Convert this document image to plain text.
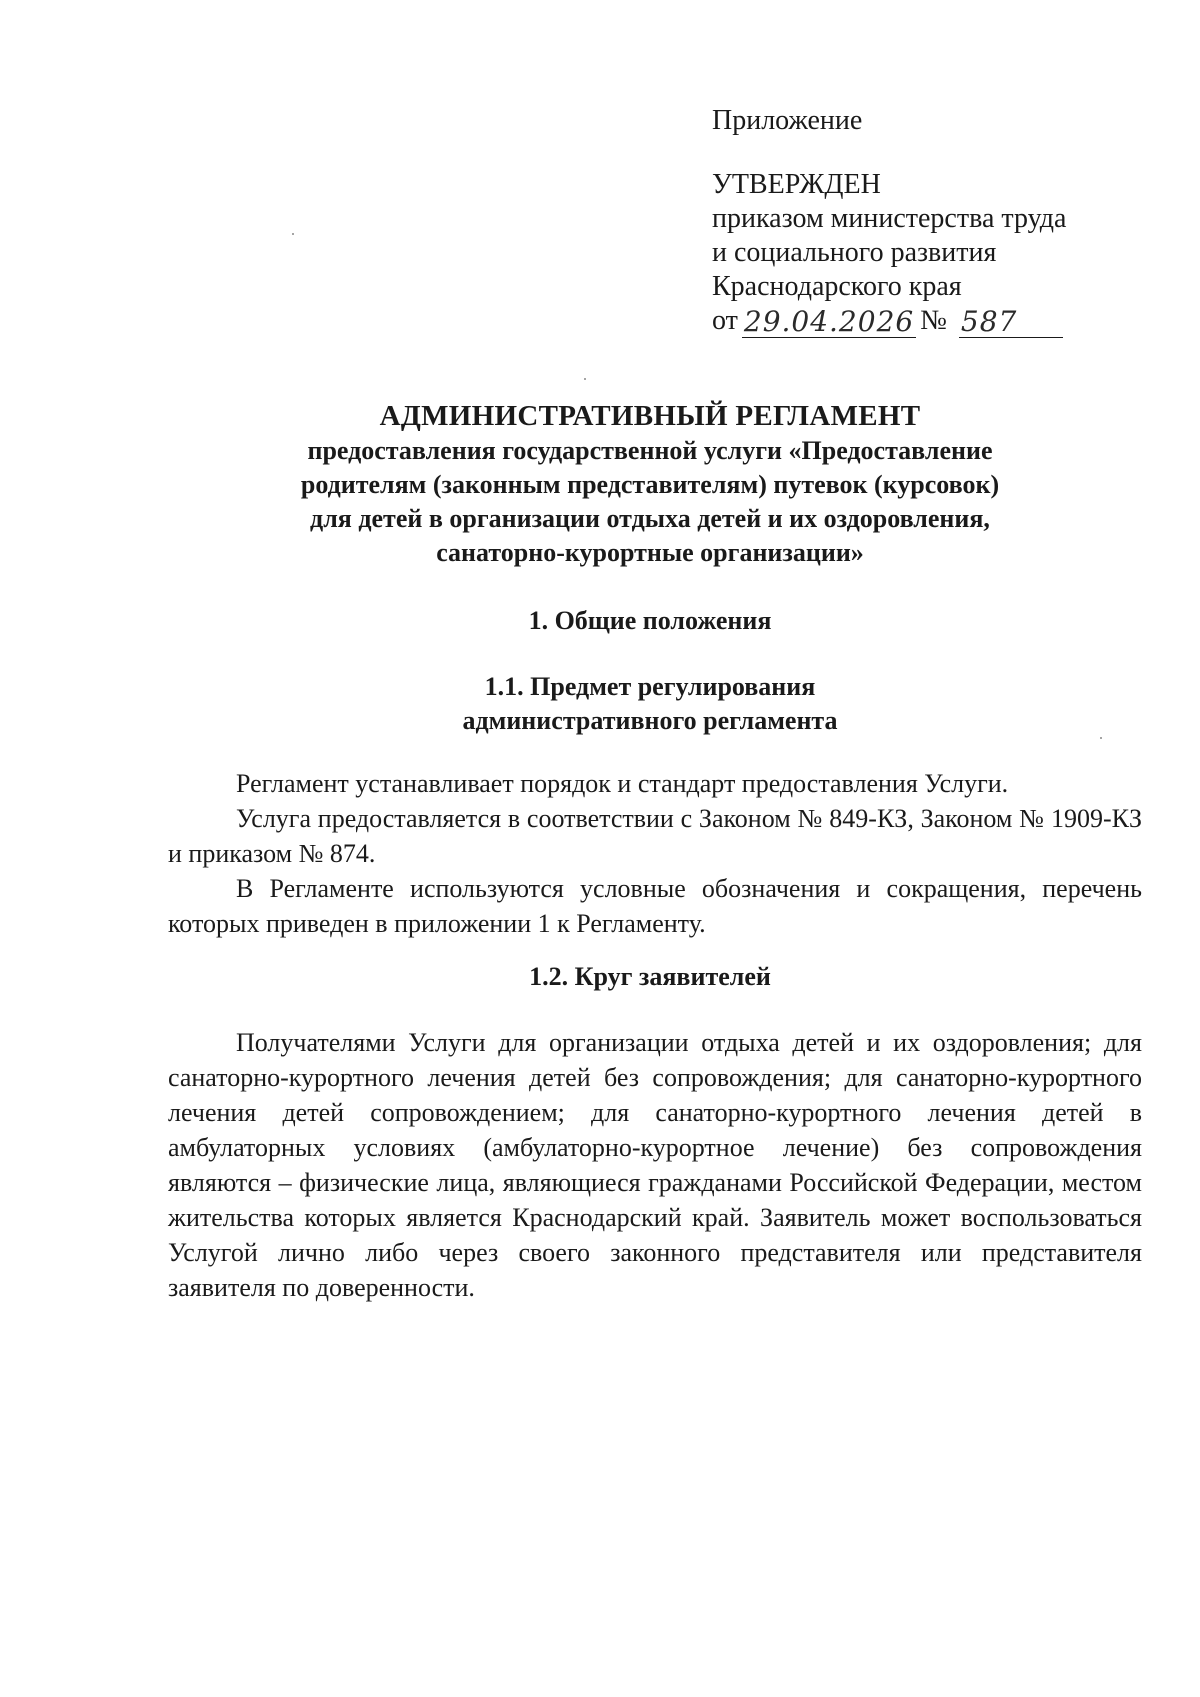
Приложение
УТВЕРЖДЕН
приказом министерства труда
и социального развития
Краснодарского края
от 29.04.2026 № 587
АДМИНИСТРАТИВНЫЙ РЕГЛАМЕНТ
предоставления государственной услуги «Предоставление
родителям (законным представителям) путевок (курсовок)
для детей в организации отдыха детей и их оздоровления,
санаторно-курортные организации»
1. Общие положения
1.1. Предмет регулирования
административного регламента
Регламент устанавливает порядок и стандарт предоставления Услуги.
Услуга предоставляется в соответствии с Законом № 849-КЗ, Законом № 1909-КЗ и приказом № 874.
В Регламенте используются условные обозначения и сокращения, перечень которых приведен в приложении 1 к Регламенту.
1.2. Круг заявителей
Получателями Услуги для организации отдыха детей и их оздоровления; для санаторно-курортного лечения детей без сопровождения; для санаторно-курортного лечения детей сопровождением; для санаторно-курортного лечения детей в амбулаторных условиях (амбулаторно-курортное лечение) без сопровождения являются – физические лица, являющиеся гражданами Российской Федерации, местом жительства которых является Краснодарский край. Заявитель может воспользоваться Услугой лично либо через своего законного представителя или представителя заявителя по доверенности.
